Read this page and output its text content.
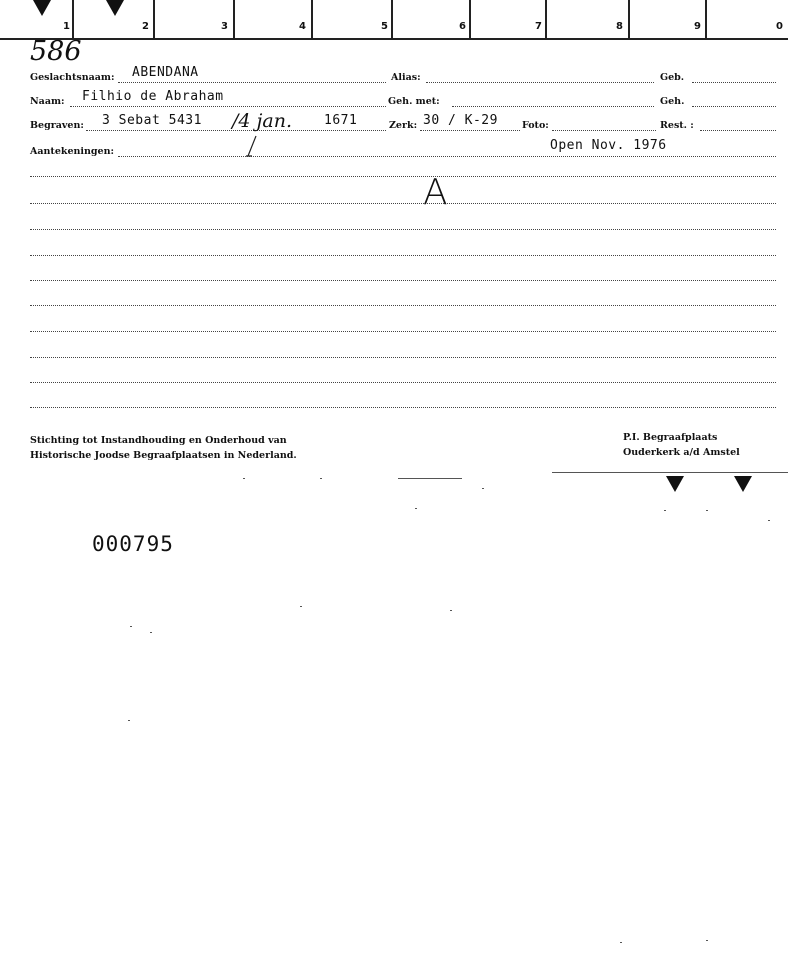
1	2	3	4	5	6	7	8	9	0
586
Geslachtsnaam: ABENDANA	Alias:	Geb.
Naam: Filhio de Abraham	Geh. met:	Geh.
Begraven: 3 Sebat 5431 /4 jan. 1671	Zerk: 30 / K-29	Foto:	Rest. :
Aantekeningen:	Open Nov. 1976
A
Stichting tot Instandhouding en Onderhoud van
Historische Joodse Begraafplaatsen in Nederland.
P.I. Begraafplaats
Ouderkerk a/d Amstel
000795
